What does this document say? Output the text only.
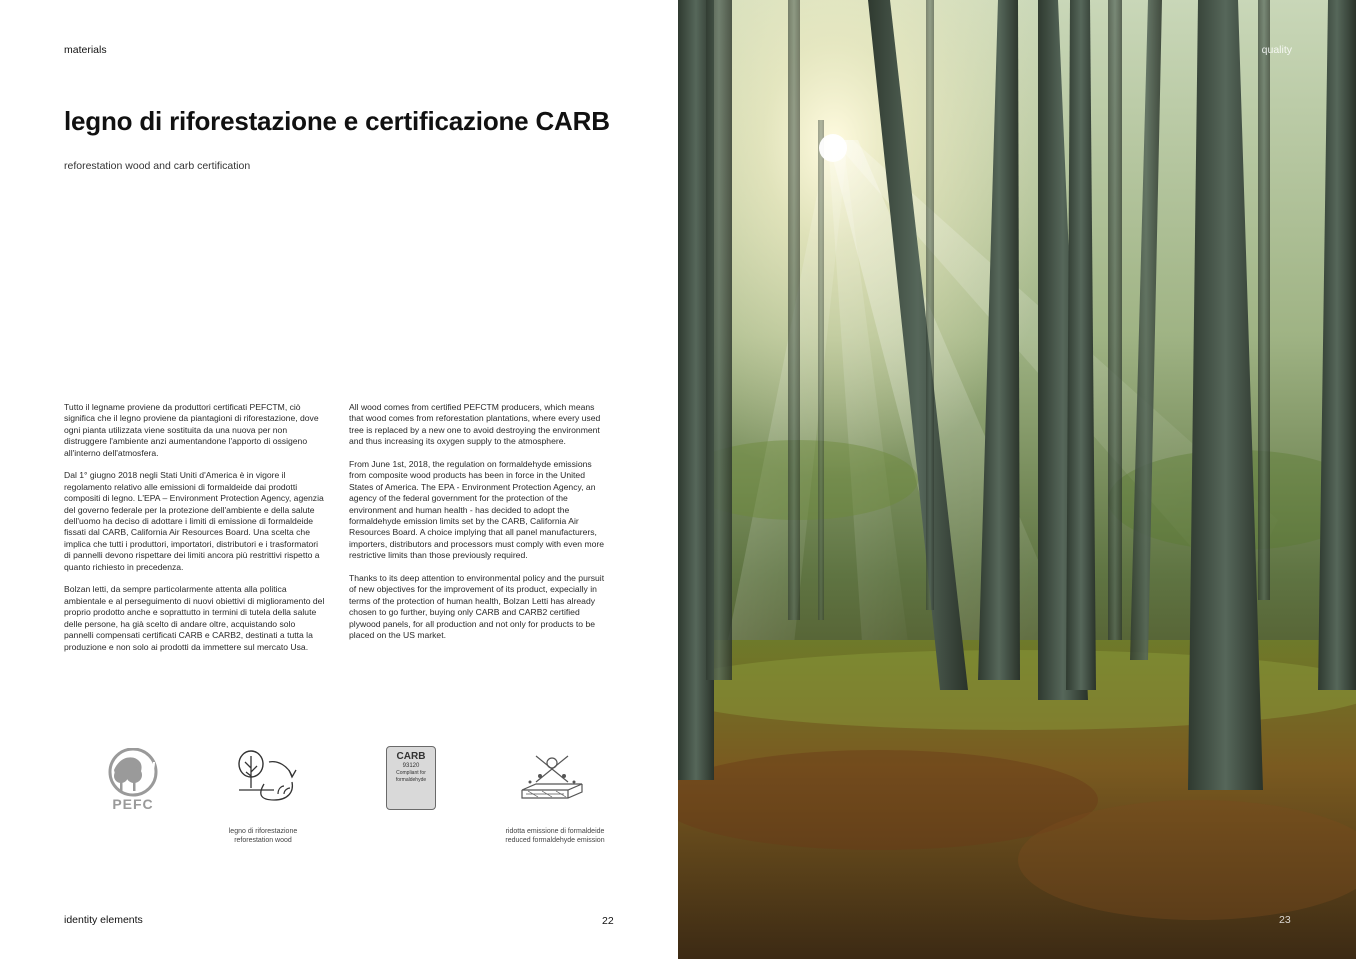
materials
legno di riforestazione e certificazione CARB
reforestation wood and carb certification

Tutto il legname proviene da produttori certificati PEFCTM, ciò significa che il legno proviene da piantagioni di riforestazione, dove ogni pianta utilizzata viene sostituita da una nuova per non distruggere l'ambiente anzi aumentandone l'apporto di ossigeno all'interno dell'atmosfera.

Dal 1° giugno 2018 negli Stati Uniti d'America è in vigore il regolamento relativo alle emissioni di formaldeide dai prodotti compositi di legno. L'EPA – Environment Protection Agency, agenzia del governo federale per la protezione dell'ambiente e della salute dell'uomo ha deciso di adottare i limiti di emissione di formaldeide fissati dal CARB, California Air Resources Board. Una scelta che implica che tutti i produttori, importatori, distributori e i trasformatori di pannelli devono rispettare dei limiti ancora più restrittivi rispetto a quanto richiesto in precedenza.

Bolzan letti, da sempre particolarmente attenta alla politica ambientale e al perseguimento di nuovi obiettivi di miglioramento del proprio prodotto anche e soprattutto in termini di tutela della salute delle persone, ha già scelto di andare oltre, acquistando solo pannelli compensati certificati CARB e CARB2, destinati a tutta la produzione e non solo ai prodotti da immettere sul mercato Usa.

All wood comes from certified PEFCTM producers, which means that wood comes from reforestation plantations, where every used tree is replaced by a new one to avoid destroying the environment and thus increasing its oxygen supply to the atmosphere.

From June 1st, 2018, the regulation on formaldehyde emissions from composite wood products has been in force in the United States of America. The EPA - Environment Protection Agency, an agency of the federal government for the protection of the environment and human health - has decided to adopt the formaldehyde emission limits set by the CARB, California Air Resources Board. A choice implying that all panel manufacturers, importers, distributors and processors must comply with even more restrictive limits than those previously required.

Thanks to its deep attention to environmental policy and the pursuit of new objectives for the improvement of its product, expecially in terms of the protection of human health, Bolzan Letti has already chosen to go further, buying only CARB and CARB2 certified plywood panels, for all production and not only for products to be placed on the US market.

PEFC
legno di riforestazione
reforestation wood
CARB
93120
Compliant for
formaldehyde
ridotta emissione di formaldeide
reduced formaldehyde emission
identity elements	22
quality
23
